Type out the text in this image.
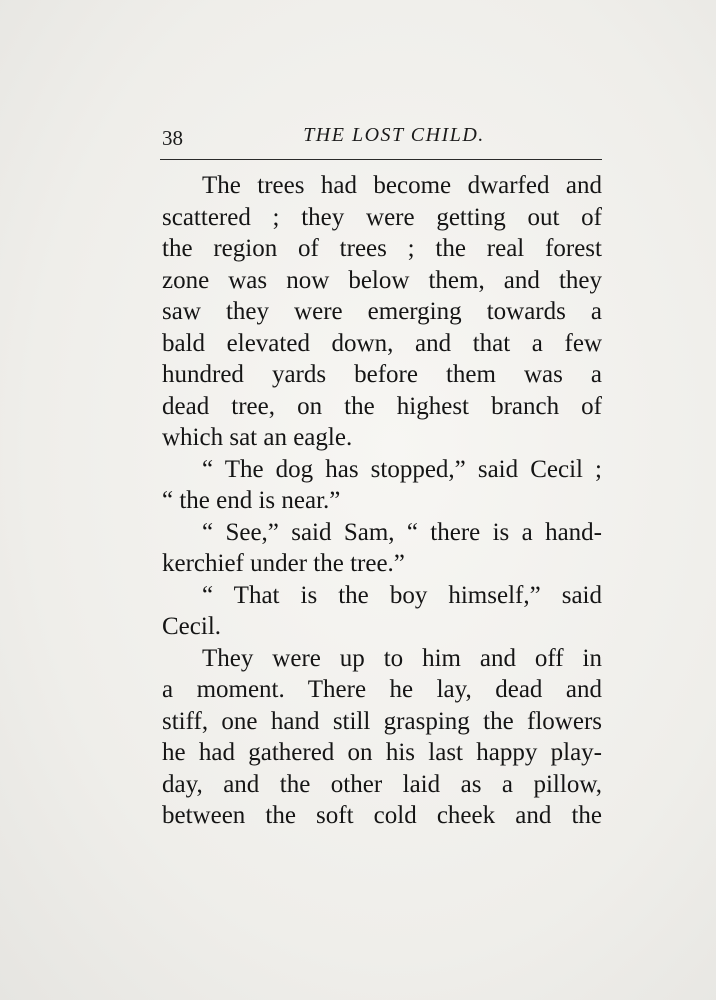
38	THE LOST CHILD.
The trees had become dwarfed and
scattered ; they were getting out of
the region of trees ; the real forest
zone was now below them, and they
saw they were emerging towards a
bald elevated down, and that a few
hundred yards before them was a
dead tree, on the highest branch of
which sat an eagle.
“ The dog has stopped,” said Cecil ;
“ the end is near.”
“ See,” said Sam, “ there is a hand-
kerchief under the tree.”
“ That is the boy himself,” said
Cecil.
They were up to him and off in
a moment. There he lay, dead and
stiff, one hand still grasping the flowers
he had gathered on his last happy play-
day, and the other laid as a pillow,
between the soft cold cheek and the
